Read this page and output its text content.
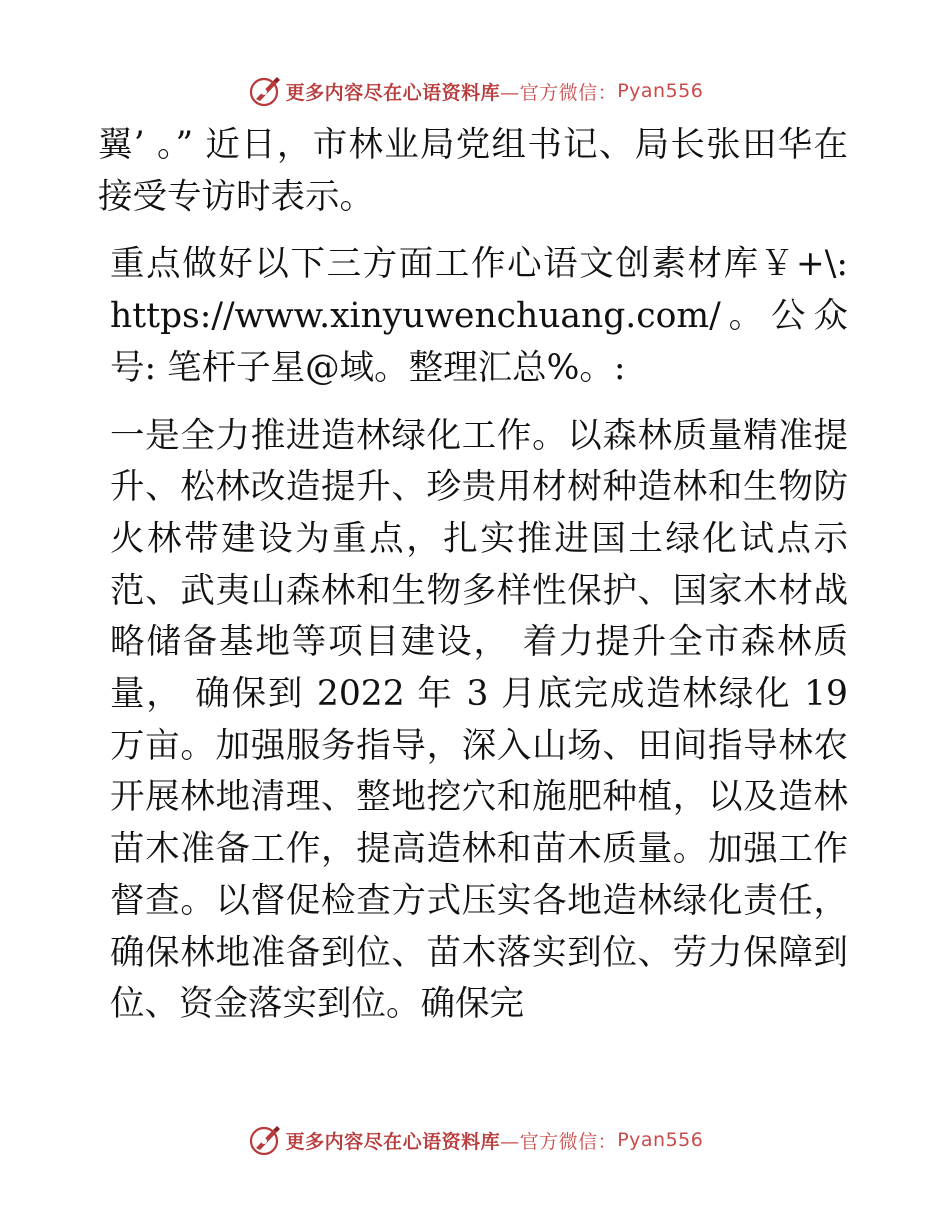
更多内容尽在心语资料库 —官方微信： Pyan556

翼’ 。” 近日，市林业局党组书记、局长张田华在接受专访时表示。

重点做好以下三方面工作心语文创素材库￥+\: https://www.xinyuwenchuang.com/。公众号: 笔杆子星@域。整理汇总%。:

一是全力推进造林绿化工作。以森林质量精准提升、松林改造提升、珍贵用材树种造林和生物防火林带建设为重点，扎实推进国土绿化试点示范、武夷山森林和生物多样性保护、国家木材战略储备基地等项目建设， 着力提升全市森林质量， 确保到 2022 年 3 月底完成造林绿化 19 万亩。加强服务指导，深入山场、田间指导林农开展林地清理、整地挖穴和施肥种植，以及造林苗木准备工作，提高造林和苗木质量。加强工作督查。以督促检查方式压实各地造林绿化责任，确保林地准备到位、苗木落实到位、劳力保障到位、资金落实到位。确保完

更多内容尽在心语资料库 —官方微信： Pyan556
